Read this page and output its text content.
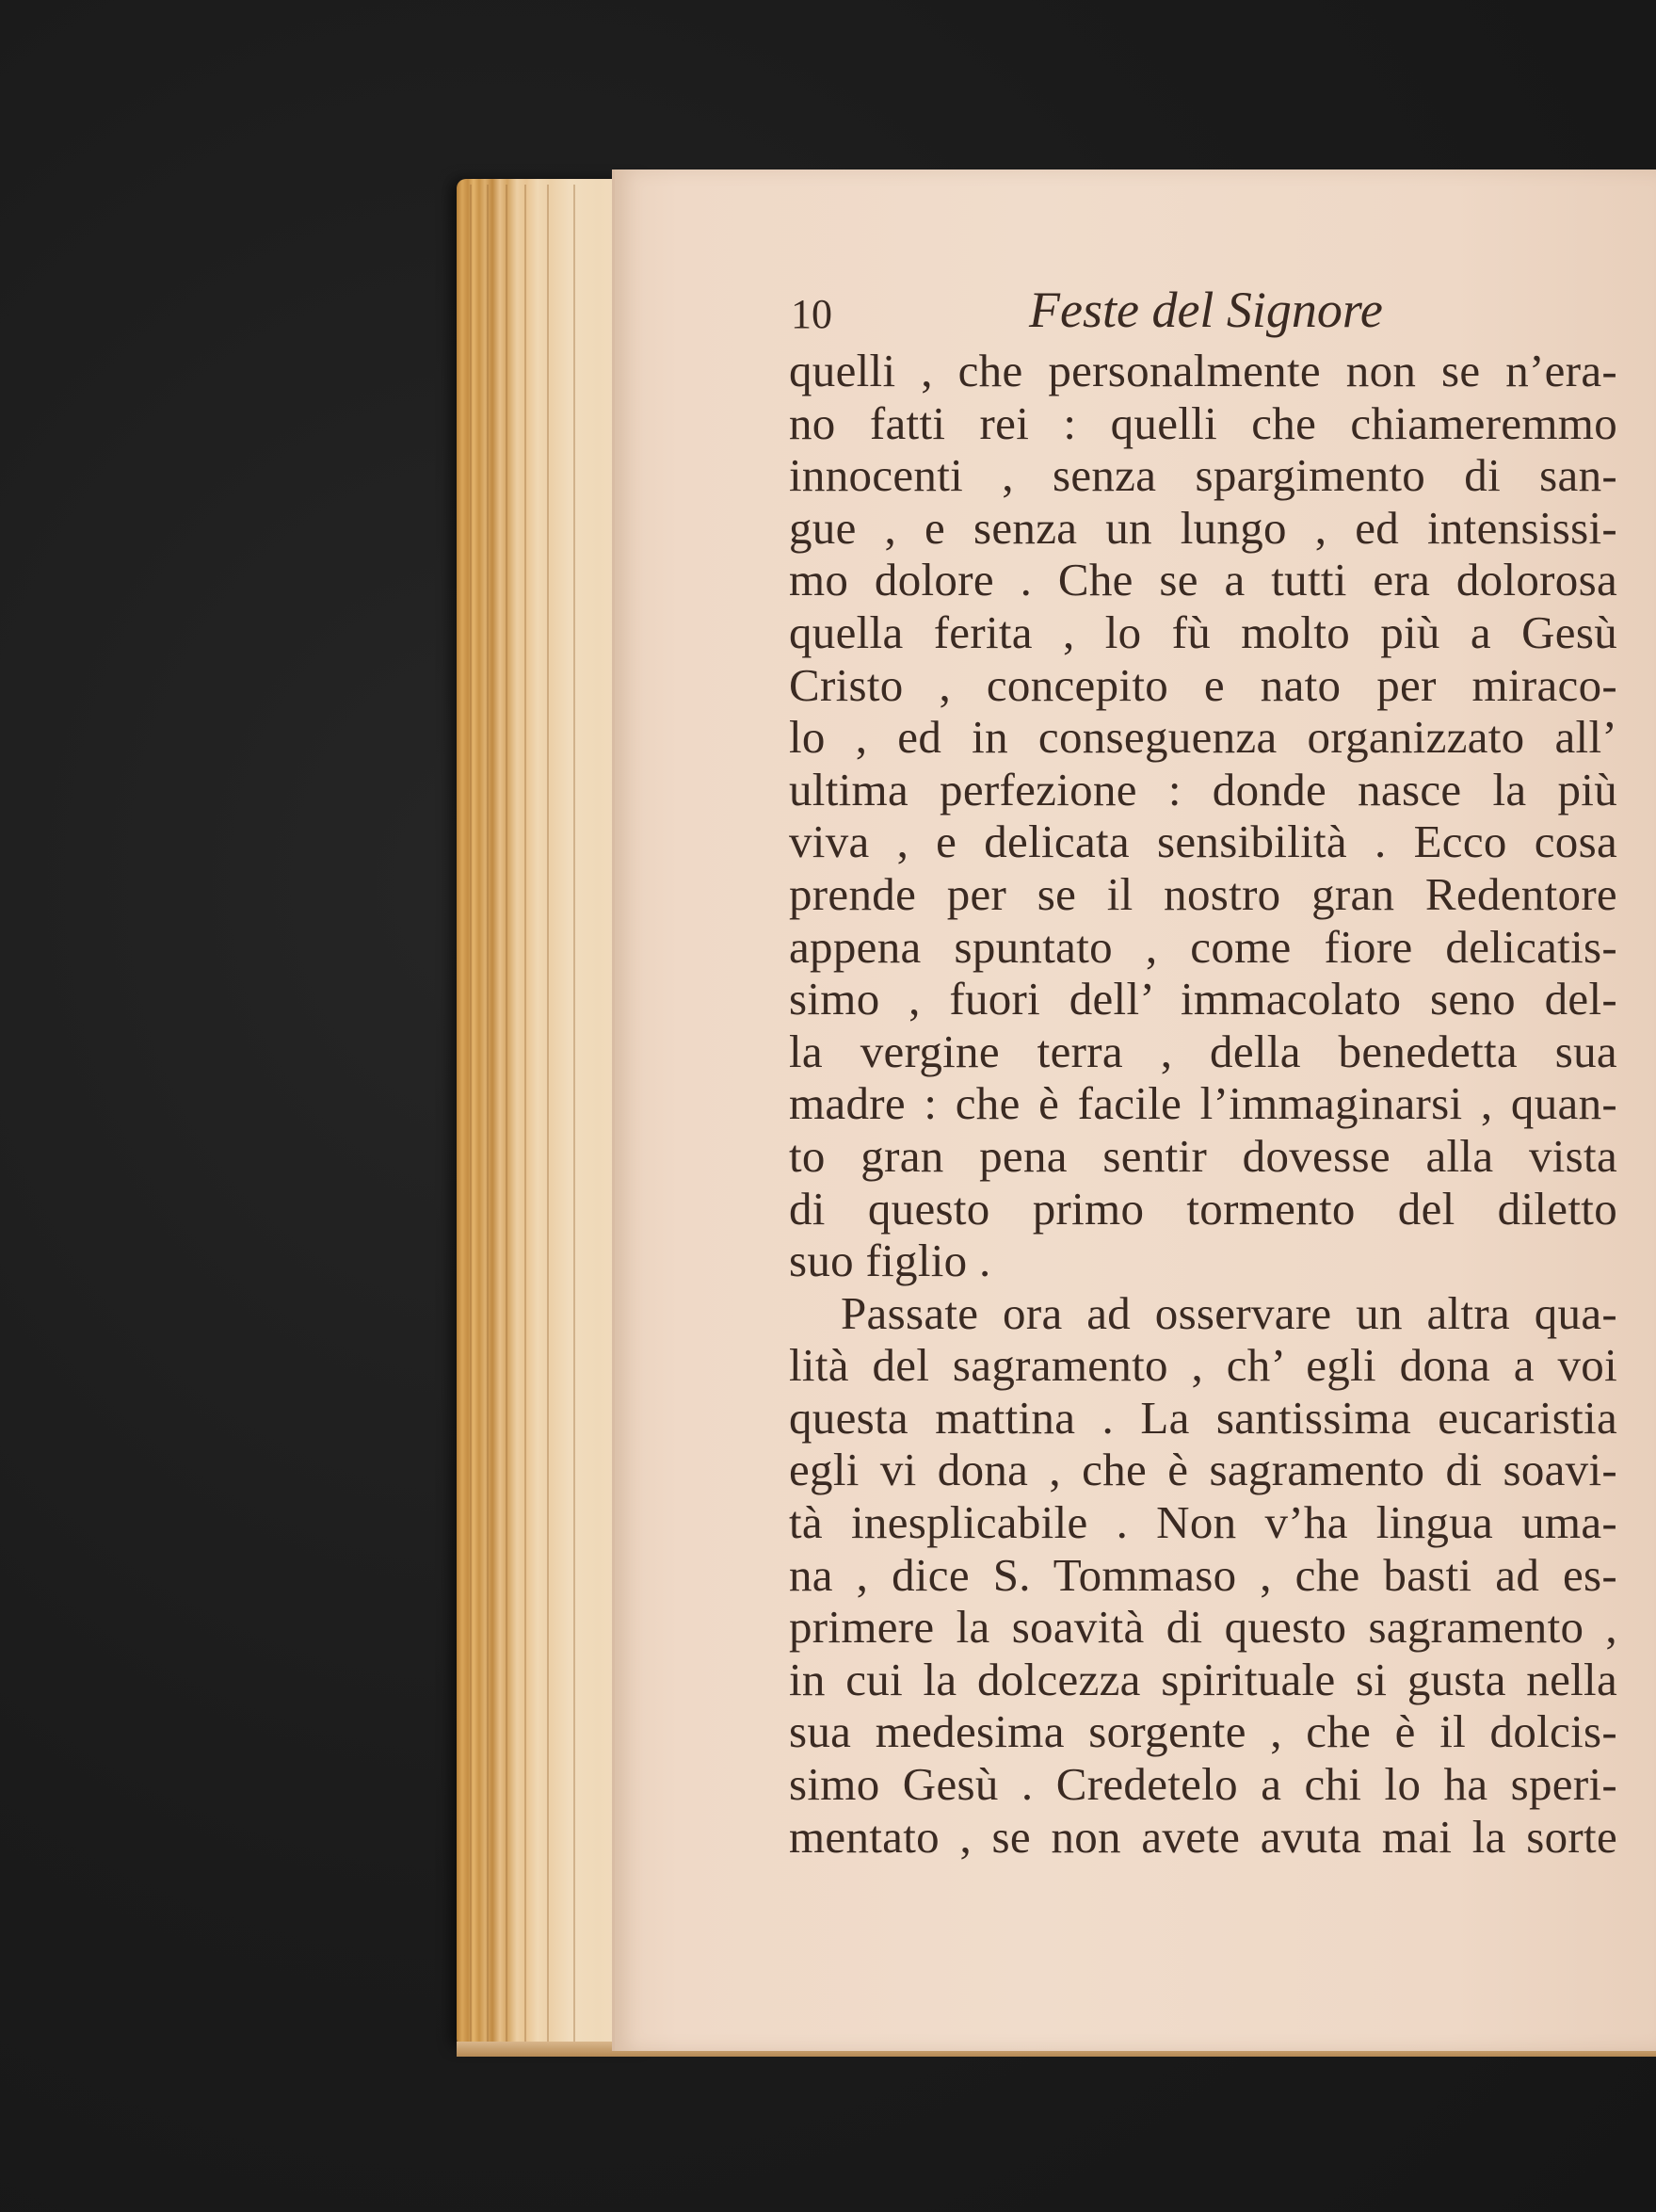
10	Feste del Signore
quelli , che personalmente non se n’era-
no fatti rei : quelli che chiameremmo
innocenti , senza spargimento di san-
gue , e senza un lungo , ed intensissi-
mo dolore . Che se a tutti era dolorosa
quella ferita , lo fù molto più a Gesù
Cristo , concepito e nato per miraco-
lo , ed in conseguenza organizzato all’
ultima perfezione : donde nasce la più
viva , e delicata sensibilità . Ecco cosa
prende per se il nostro gran Redentore
appena spuntato , come fiore delicatis-
simo , fuori dell’ immacolato seno del-
la vergine terra , della benedetta sua
madre : che è facile l’immaginarsi , quan-
to gran pena sentir dovesse alla vista
di questo primo tormento del diletto
suo figlio .
Passate ora ad osservare un altra qua-
lità del sagramento , ch’ egli dona a voi
questa mattina . La santissima eucaristia
egli vi dona , che è sagramento di soavi-
tà inesplicabile . Non v’ha lingua uma-
na , dice S. Tommaso , che basti ad es-
primere la soavità di questo sagramento ,
in cui la dolcezza spirituale si gusta nella
sua medesima sorgente , che è il dolcis-
simo Gesù . Credetelo a chi lo ha speri-
mentato , se non avete avuta mai la sorte
